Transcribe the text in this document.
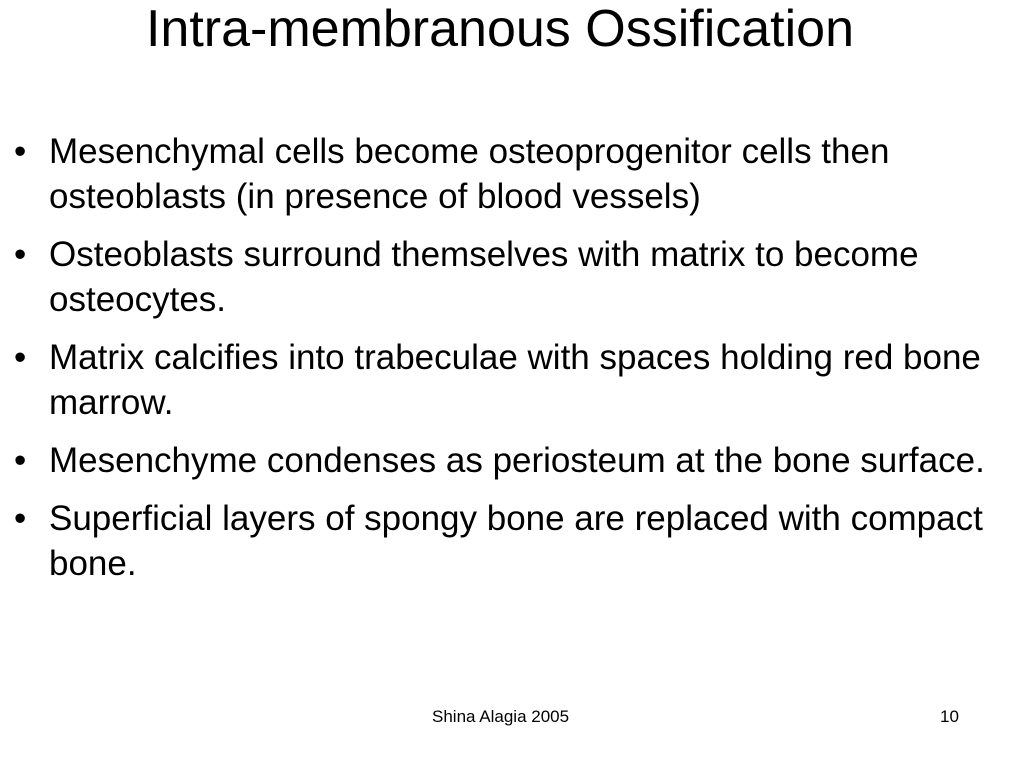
Intra-membranous Ossification
• Mesenchymal cells become osteoprogenitor cells then osteoblasts (in presence of blood vessels)
• Osteoblasts surround themselves with matrix to become osteocytes.
• Matrix calcifies into trabeculae with spaces holding red bone marrow.
• Mesenchyme condenses as periosteum at the bone surface.
• Superficial layers of spongy bone are replaced with compact bone.
Shina Alagia 2005	10
